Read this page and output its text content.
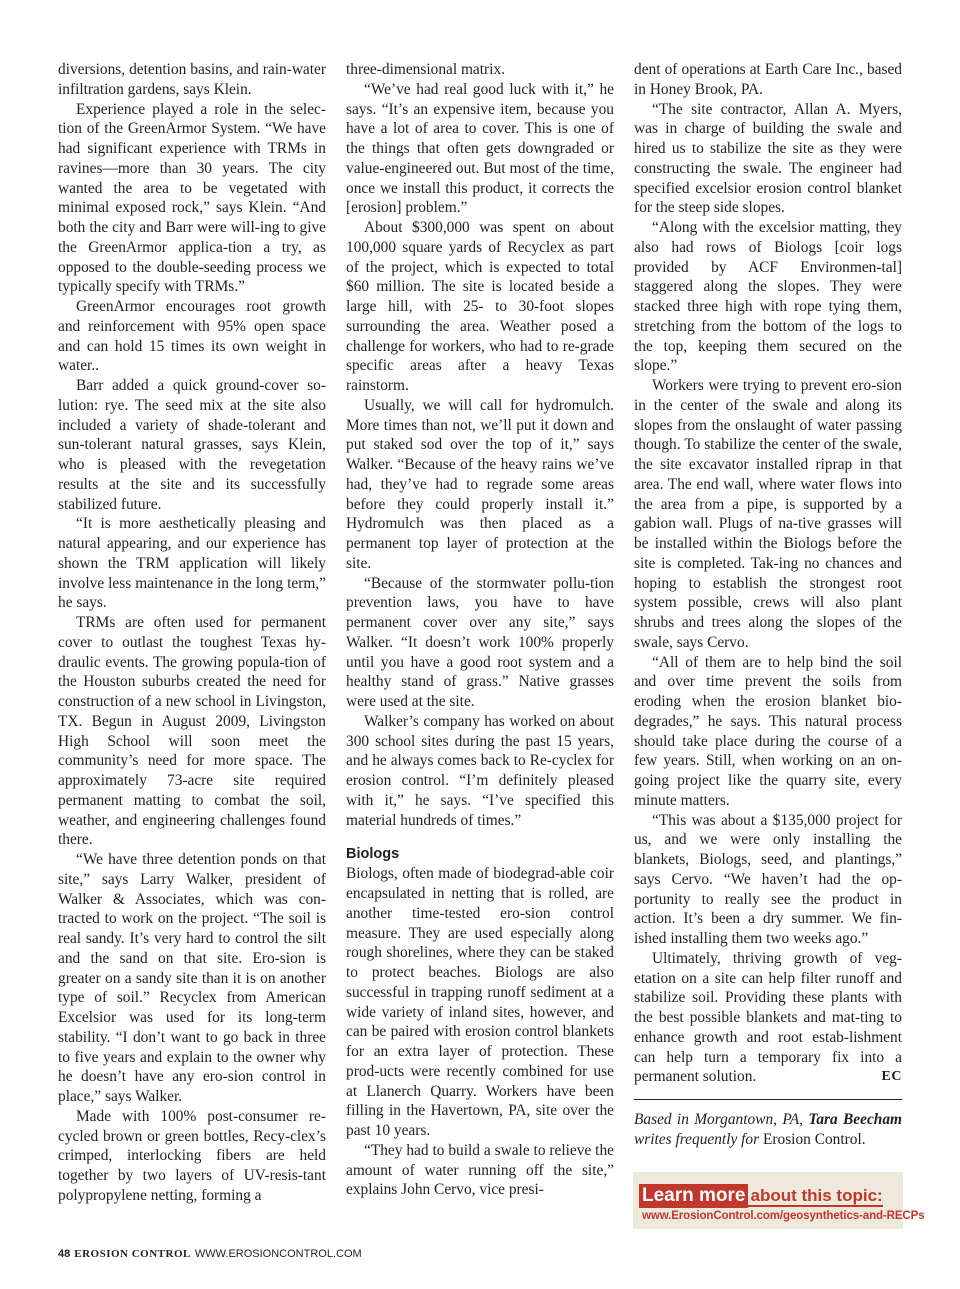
diversions, detention basins, and rain-water infiltration gardens, says Klein.

Experience played a role in the selec-tion of the GreenArmor System. “We have had significant experience with TRMs in ravines—more than 30 years. The city wanted the area to be vegetated with minimal exposed rock,” says Klein. “And both the city and Barr were will-ing to give the GreenArmor applica-tion a try, as opposed to the double-seeding process we typically specify with TRMs.”

GreenArmor encourages root growth and reinforcement with 95% open space and can hold 15 times its own weight in water..

Barr added a quick ground-cover so-lution: rye. The seed mix at the site also included a variety of shade-tolerant and sun-tolerant natural grasses, says Klein, who is pleased with the revegetation results at the site and its successfully stabilized future.

“It is more aesthetically pleasing and natural appearing, and our experience has shown the TRM application will likely involve less maintenance in the long term,” he says.

TRMs are often used for permanent cover to outlast the toughest Texas hy-draulic events. The growing popula-tion of the Houston suburbs created the need for construction of a new school in Livingston, TX. Begun in August 2009, Livingston High School will soon meet the community’s need for more space. The approximately 73-acre site required permanent matting to combat the soil, weather, and engineering challenges found there.

“We have three detention ponds on that site,” says Larry Walker, president of Walker & Associates, which was con-tracted to work on the project. “The soil is real sandy. It’s very hard to control the silt and the sand on that site. Ero-sion is greater on a sandy site than it is on another type of soil.” Recyclex from American Excelsior was used for its long-term stability. “I don’t want to go back in three to five years and explain to the owner why he doesn’t have any ero-sion control in place,” says Walker.

Made with 100% post-consumer re-cycled brown or green bottles, Recy-clex’s crimped, interlocking fibers are held together by two layers of UV-resis-tant polypropylene netting, forming a

three-dimensional matrix.

“We’ve had real good luck with it,” he says. “It’s an expensive item, because you have a lot of area to cover. This is one of the things that often gets downgraded or value-engineered out. But most of the time, once we install this product, it corrects the [erosion] problem.”

About $300,000 was spent on about 100,000 square yards of Recyclex as part of the project, which is expected to total $60 million. The site is located beside a large hill, with 25- to 30-foot slopes surrounding the area. Weather posed a challenge for workers, who had to re-grade specific areas after a heavy Texas rainstorm.

Usually, we will call for hydromulch. More times than not, we’ll put it down and put staked sod over the top of it,” says Walker. “Because of the heavy rains we’ve had, they’ve had to regrade some areas before they could properly install it.” Hydromulch was then placed as a permanent top layer of protection at the site.

“Because of the stormwater pollu-tion prevention laws, you have to have permanent cover over any site,” says Walker. “It doesn’t work 100% properly until you have a good root system and a healthy stand of grass.” Native grasses were used at the site.

Walker’s company has worked on about 300 school sites during the past 15 years, and he always comes back to Re-cyclex for erosion control. “I’m definitely pleased with it,” he says. “I’ve specified this material hundreds of times.”

Biologs

Biologs, often made of biodegrad-able coir encapsulated in netting that is rolled, are another time-tested ero-sion control measure. They are used especially along rough shorelines, where they can be staked to protect beaches. Biologs are also successful in trapping runoff sediment at a wide variety of inland sites, however, and can be paired with erosion control blankets for an extra layer of protection. These prod-ucts were recently combined for use at Llanerch Quarry. Workers have been filling in the Havertown, PA, site over the past 10 years.

“They had to build a swale to relieve the amount of water running off the site,” explains John Cervo, vice presi-

dent of operations at Earth Care Inc., based in Honey Brook, PA.

“The site contractor, Allan A. Myers, was in charge of building the swale and hired us to stabilize the site as they were constructing the swale. The engineer had specified excelsior erosion control blanket for the steep side slopes.

“Along with the excelsior matting, they also had rows of Biologs [coir logs provided by ACF Environmen-tal] staggered along the slopes. They were stacked three high with rope tying them, stretching from the bottom of the logs to the top, keeping them secured on the slope.”

Workers were trying to prevent ero-sion in the center of the swale and along its slopes from the onslaught of water passing though. To stabilize the center of the swale, the site excavator installed riprap in that area. The end wall, where water flows into the area from a pipe, is supported by a gabion wall. Plugs of na-tive grasses will be installed within the Biologs before the site is completed. Tak-ing no chances and hoping to establish the strongest root system possible, crews will also plant shrubs and trees along the slopes of the swale, says Cervo.

“All of them are to help bind the soil and over time prevent the soils from eroding when the erosion blanket bio-degrades,” he says. This natural process should take place during the course of a few years. Still, when working on an on-going project like the quarry site, every minute matters.

“This was about a $135,000 project for us, and we were only installing the blankets, Biologs, seed, and plantings,” says Cervo. “We haven’t had the op-portunity to really see the product in action. It’s been a dry summer. We fin-ished installing them two weeks ago.”

Ultimately, thriving growth of veg-etation on a site can help filter runoff and stabilize soil. Providing these plants with the best possible blankets and mat-ting to enhance growth and root estab-lishment can help turn a temporary fix into a permanent solution.	EC

Based in Morgantown, PA, Tara Beecham writes frequently for Erosion Control.

Learn moreabout this topic:
www.ErosionControl.com/geosynthetics-and-RECPs
48 EROSION CONTROL WWW.EROSIONCONTROL.COM
